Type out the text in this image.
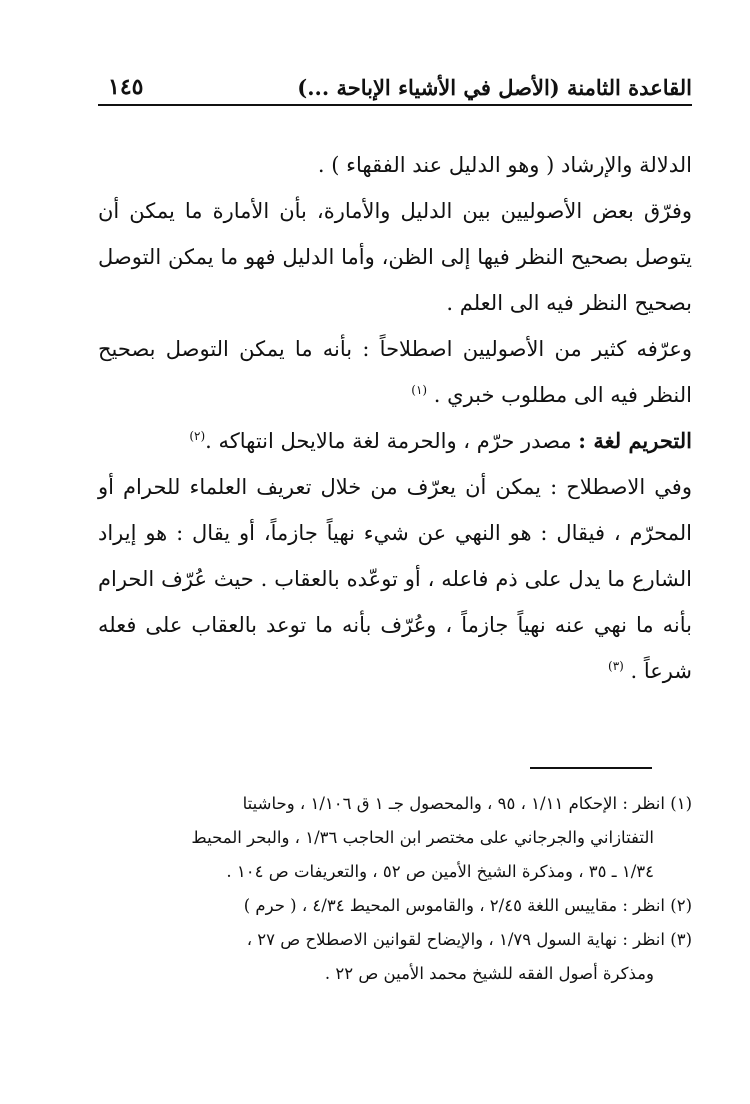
القاعدة الثامنة (الأصل في الأشياء الإباحة ...)
١٤٥

الدلالة والإرشاد ( وهو الدليل عند الفقهاء ) .

وفرّق بعض الأصوليين بين الدليل والأمارة، بأن الأمارة ما يمكن أن يتوصل بصحيح النظر فيها إلى الظن، وأما الدليل فهو ما يمكن التوصل بصحيح النظر فيه الى العلم .

وعرّفه كثير من الأصوليين اصطلاحاً : بأنه ما يمكن التوصل بصحيح النظر فيه الى مطلوب خبري . $^{(١)}$

التحريم لغة : مصدر حرّم ، والحرمة لغة مالايحل انتهاكه .$^{(٢)}$

وفي الاصطلاح : يمكن أن يعرّف من خلال تعريف العلماء للحرام أو المحرّم ، فيقال : هو النهي عن شيء نهياً جازماً، أو يقال : هو إيراد الشارع ما يدل على ذم فاعله ، أو توعّده بالعقاب . حيث عُرّف الحرام بأنه ما نهي عنه نهياً جازماً ، وعُرّف بأنه ما توعد بالعقاب على فعله شرعاً . $^{(٣)}$

(١) انظر : الإحكام ١/١١ ، ٩٥ ، والمحصول جـ ١ ق ١/١٠٦ ، وحاشيتا

التفتازاني والجرجاني على مختصر ابن الحاجب ١/٣٦ ، والبحر المحيط

١/٣٤ ـ ٣٥ ، ومذكرة الشيخ الأمين ص ٥٢ ، والتعريفات ص ١٠٤ .

(٢) انظر : مقاييس اللغة ٢/٤٥ ، والقاموس المحيط ٤/٣٤ ، ( حرم )

(٣) انظر : نهاية السول ١/٧٩ ، والإيضاح لقوانين الاصطلاح ص ٢٧ ،

ومذكرة أصول الفقه للشيخ محمد الأمين ص ٢٢ .
